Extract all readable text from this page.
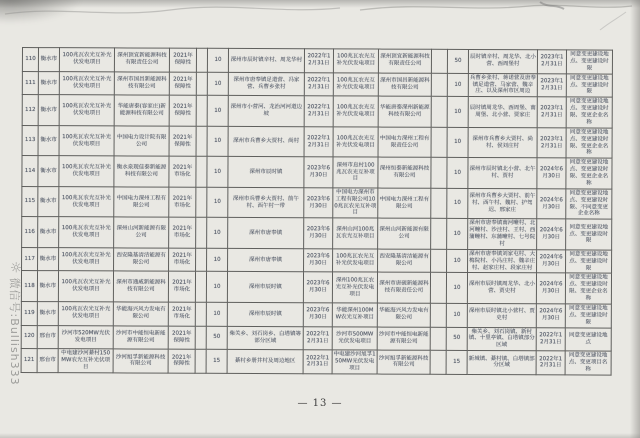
110	衡水市	100兆瓦农光互补光伏发电项目	深州顶宜新能源科技有限责任公司	2021年保障性		10	深州市辰时镇辛村、周龙华村	2022年12月31日	100兆瓦农光互补光伏发电项目	深州顶宜新能源科技有限责任公司		50	辰时镇辛村、周龙华、北小营、西周堡村	2023年12月31日	同意变更建设地点、变更建设时限
111	衡水市	100兆瓦农光互补光伏发电项目	深州市国昌新能源科技有限公司	2021年保障性		10	深州市唐奉镇足道营、冯家营、兵曹乡张村	2022年12月31日	100兆瓦农光互补光伏发电项目	深州市国昌新能源科技有限公司		10	兵曹乡张村、蒋诺营及唐奉镇足道营、马家营、魏辛庄、以及深州市区周边	2023年12月31日	同意变更建设地点、变更建设时限
112	衡水市	100兆瓦农光互补光伏发电项目	华能唐泰(容家庄)新能源科技有限公司	2021年保障性		10	深州市小营河、龙治河河道边坡	2022年12月31日	100兆瓦农光互补光伏发电项目	华能唐泰深州新能源科技有限公司		10	辰时镇周龙华、西周堡、南周堡、北小营、贾家庄	2023年12月31日	同意变更建设地点、变更建设时限、变更企业名称
113	衡水市	100兆瓦农光互补光伏发电项目	中国电力设计院有限公司	2021年保障性		10	深州市兵曹乡大贾村、尚村	2022年12月31日	100兆瓦农光互补光伏发电项目	中国电力深州工程有限责任公司		10	深州市兵曹乡大贾村、尚村、侯刘庄村	2023年12月31日	同意变更建设地点、变更建设时限、变更企业名称
114	衡水市	100兆瓦农光互补光伏发电项目	衡水泉现佳泰新能源科技有限公司	2021年市场化		10	深州市辰时镇	2023年6月30日	深州市息村100兆瓦农光互补项目	深州恒泰新能源科技有限公司		10	深州市辰时镇北小营、北午村、贾村	2024年6月30日	同意变更建设地点、变更建设时限、变更企业名称
115	衡水市	100兆瓦农光互补光伏发电项目	中国电力深州工程有限公司	2021年市场化		10	深州市兵曹乡大贾村、前午村、西午村一带	2023年6月30日	中国电力深州市工程有限公司100兆瓦农光互补项目	中国电力深州工程有限公司		10	深州市兵曹乡大贾村、前午村、西午村、魏村、护驾迟、邢家庄	2024年6月30日	同意变更建设地点、变更建设时限、不同意变更企业名称
116	衡水市	100兆瓦农光互补光伏发电项目	深州山河新能源有限公司	2021年市场化		10	深州市唐奉镇	2023年6月30日	深州山河100兆瓦农光互补项目	深州山河新能源有限公司		10	深州市唐奉镇南河疃村、北河疃村、沙洼村、王村、西蒲疃村、东蒲疃村、七号院村	2024年6月30日	同意变更建设地点、变更建设时限
117	衡水市	100兆瓦农光互补光伏发电项目	西安隆基清洁能源有限公司	2021年市场化		10	深州市唐奉镇	2023年6月30日	100兆瓦农光互补光伏发电项目	西安隆基清洁能源有限公司		10	深州市唐奉镇刘家屯村、大梅院村、小冯庄村、魏辛庄村、赵家庄村、段家庄村	2024年6月30日	同意变更建设地点、变更建设时限
118	衡水市	100兆瓦农光互补光伏发电项目	深州市通威新能源科技有限公司	2021年市场化		10	深州市辰时镇	2023年6月30日	深州100兆瓦农光互补光伏发电项目	深州市唐砚新能源科技有限责任公司		10	深州市辰时镇周龙华、北小营、贾史村	2024年6月30日	同意变更建设地点、变更建设时限、变更企业名称
119	衡水市	100兆瓦农光互补光伏发电项目	华能海兴风力发电有限公司	2021年市场化		10	深州市辰时镇	2023年6月30日	华能深州100MW农光互补项目	华能海兴风力发电有限公司		10	深州市辰时镇北小营村、贾史村	2024年6月30日	同意变更建设地点、变更建设时限
120	邢台市	沙河市520MW光伏发电项目	沙河市中能恒电新能源有限公司	2021年保障性		50	柴关乡、刘石岗乡、白塔镇等部分区域	2022年12月31日	沙河市500MW光伏发电项目	沙河市中能恒电新能源有限公司		50	柴关乡、刘石岗镇、新村镇、十里亭镇、白塔镇部分区域	2022年12月31日	同意变更建设地点
121	邢台市	中电建沙河綦村150MW农光互补光伏项目	沙河旭孚新能源科技有限公司	2021年保障性		15	綦村乡册井村及周边地区	2022年12月31日	中电建沙河旭孚150MW光伏发电项目	沙河旭孚新能源科技有限公司		15	新城镇、綦村镇、白塔镇部分区域	2022年12月31日	同意变更建设地点、变更项目名称
☼
微信号:Bullish333
— 13 —
